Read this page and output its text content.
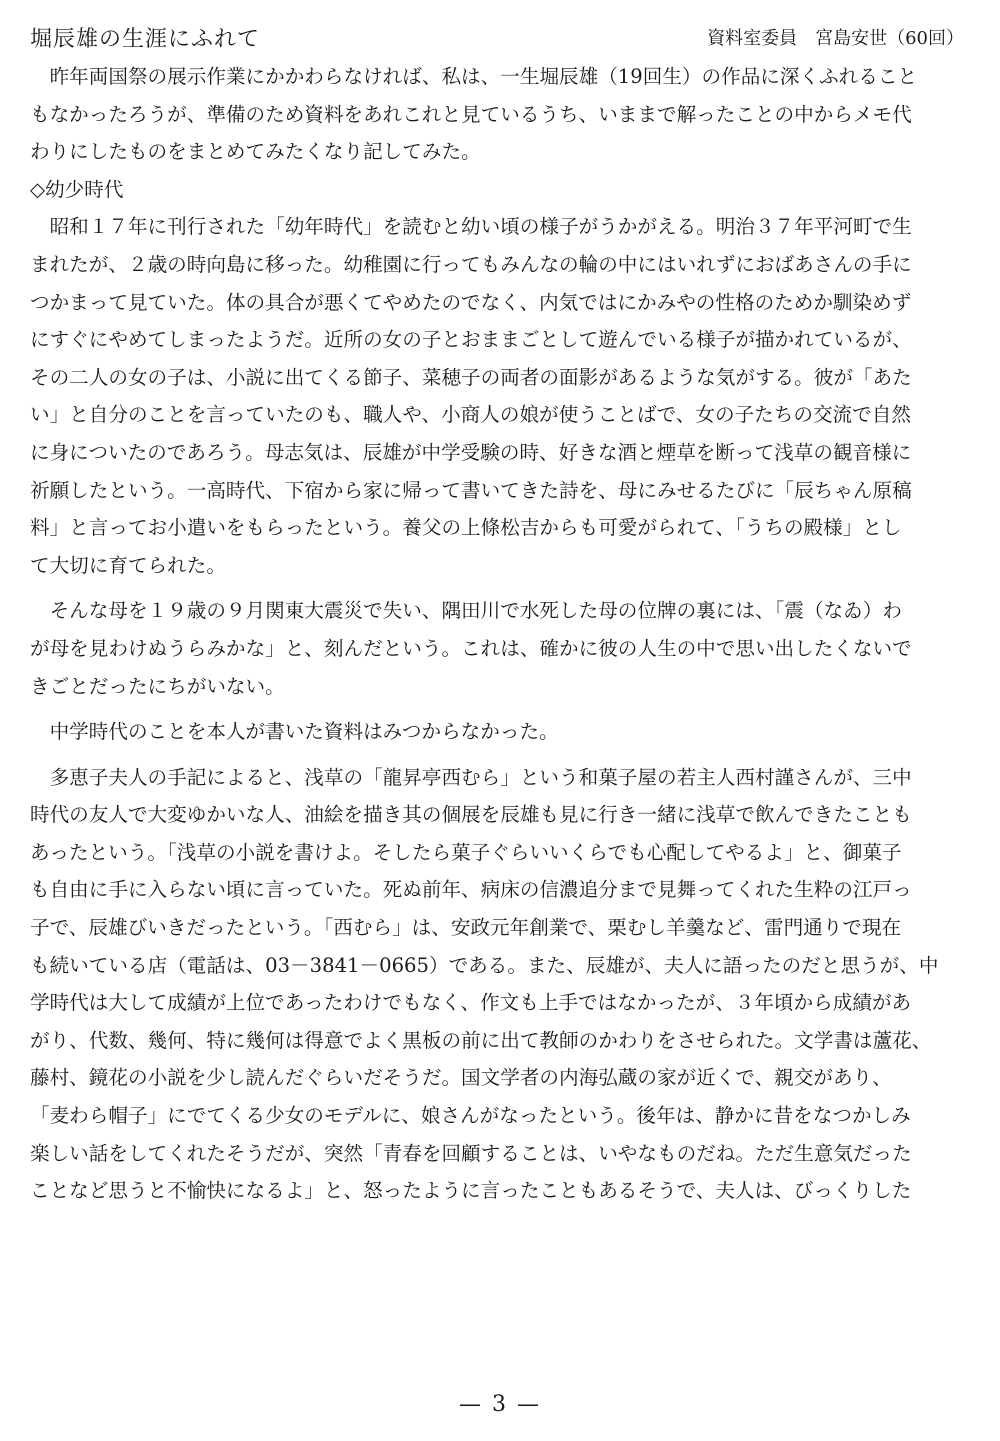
堀辰雄の生涯にふれて	資料室委員　宮島安世（60回）
　昨年両国祭の展示作業にかかわらなければ、私は、一生堀辰雄（19回生）の作品に深くふれること
もなかったろうが、準備のため資料をあれこれと見ているうち、いままで解ったことの中からメモ代
わりにしたものをまとめてみたくなり記してみた。
◇幼少時代
　昭和１７年に刊行された「幼年時代」を読むと幼い頃の様子がうかがえる。明治３７年平河町で生
まれたが、２歳の時向島に移った。幼稚園に行ってもみんなの輪の中にはいれずにおばあさんの手に
つかまって見ていた。体の具合が悪くてやめたのでなく、内気ではにかみやの性格のためか馴染めず
にすぐにやめてしまったようだ。近所の女の子とおままごとして遊んでいる様子が描かれているが、
その二人の女の子は、小説に出てくる節子、菜穂子の両者の面影があるような気がする。彼が「あた
い」と自分のことを言っていたのも、職人や、小商人の娘が使うことばで、女の子たちの交流で自然
に身についたのであろう。母志気は、辰雄が中学受験の時、好きな酒と煙草を断って浅草の観音様に
祈願したという。一高時代、下宿から家に帰って書いてきた詩を、母にみせるたびに「辰ちゃん原稿
料」と言ってお小遣いをもらったという。養父の上條松吉からも可愛がられて、「うちの殿様」とし
て大切に育てられた。
　そんな母を１９歳の９月関東大震災で失い、隅田川で水死した母の位牌の裏には、「震（なゐ）わ
が母を見わけぬうらみかな」と、刻んだという。これは、確かに彼の人生の中で思い出したくないで
きごとだったにちがいない。
　中学時代のことを本人が書いた資料はみつからなかった。
　多恵子夫人の手記によると、浅草の「龍昇亭西むら」という和菓子屋の若主人西村謹さんが、三中
時代の友人で大変ゆかいな人、油絵を描き其の個展を辰雄も見に行き一緒に浅草で飲んできたことも
あったという。「浅草の小説を書けよ。そしたら菓子ぐらいいくらでも心配してやるよ」と、御菓子
も自由に手に入らない頃に言っていた。死ぬ前年、病床の信濃追分まで見舞ってくれた生粋の江戸っ
子で、辰雄びいきだったという。「西むら」は、安政元年創業で、栗むし羊羹など、雷門通りで現在
も続いている店（電話は、03－3841－0665）である。また、辰雄が、夫人に語ったのだと思うが、中
学時代は大して成績が上位であったわけでもなく、作文も上手ではなかったが、３年頃から成績があ
がり、代数、幾何、特に幾何は得意でよく黒板の前に出て教師のかわりをさせられた。文学書は蘆花、
藤村、鏡花の小説を少し読んだぐらいだそうだ。国文学者の内海弘蔵の家が近くで、親交があり、
「麦わら帽子」にでてくる少女のモデルに、娘さんがなったという。後年は、静かに昔をなつかしみ
楽しい話をしてくれたそうだが、突然「青春を回顧することは、いやなものだね。ただ生意気だった
ことなど思うと不愉快になるよ」と、怒ったように言ったこともあるそうで、夫人は、びっくりした
— 3 —
